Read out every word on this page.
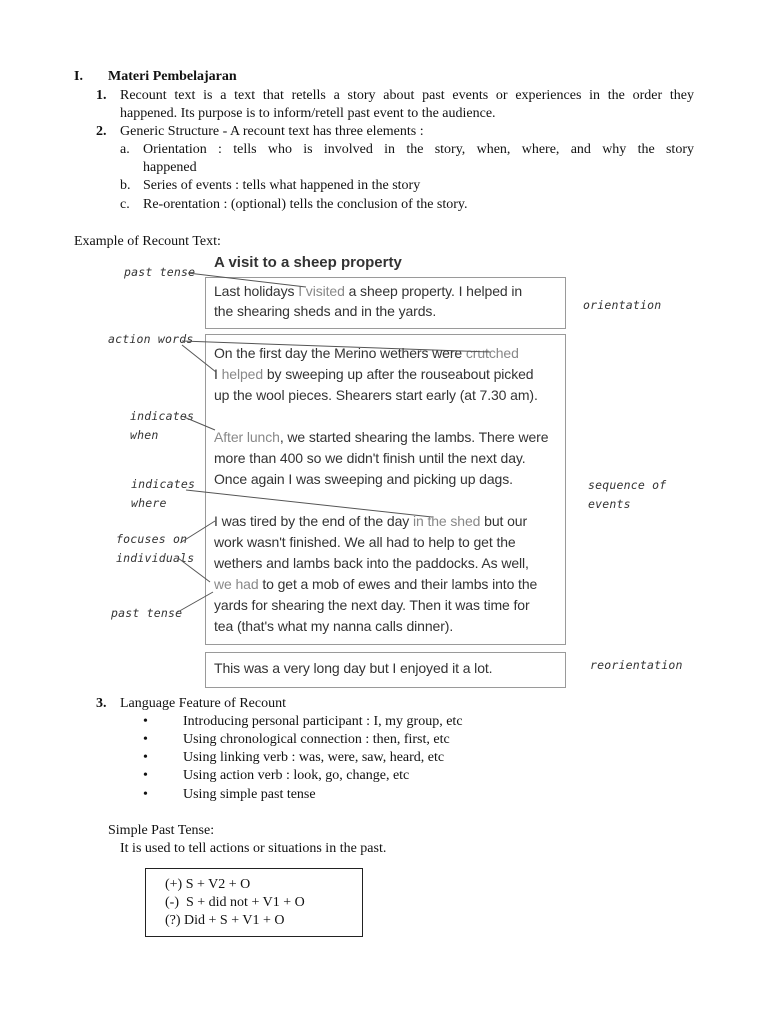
I. Materi Pembelajaran
1. Recount text is a text that retells a story about past events or experiences in the order they
happened. Its purpose is to inform/retell past event to the audience.
2. Generic Structure - A recount text has three elements :
a. Orientation : tells who is involved in the story, when, where, and why the story
happened
b. Series of events : tells what happened in the story
c. Re-orentation : (optional) tells the conclusion of the story.
Example of Recount Text:
A visit to a sheep property
Last holidays I visited a sheep property. I helped in
the shearing sheds and in the yards.
On the first day the Merino wethers were crutched
I helped by sweeping up after the rouseabout picked
up the wool pieces. Shearers start early (at 7.30 am).
After lunch, we started shearing the lambs. There were
more than 400 so we didn't finish until the next day.
Once again I was sweeping and picking up dags.
I was tired by the end of the day in the shed but our
work wasn't finished. We all had to help to get the
wethers and lambs back into the paddocks. As well,
we had to get a mob of ewes and their lambs into the
yards for shearing the next day. Then it was time for
tea (that's what my nanna calls dinner).
This was a very long day but I enjoyed it a lot.
past tense
action words
indicates
when
indicates
where
focuses on
individuals
past tense
orientation
sequence of
events
reorientation
3. Language Feature of Recount
•	Introducing personal participant : I, my group, etc
•	Using chronological connection : then, first, etc
•	Using linking verb : was, were, saw, heard, etc
•	Using action verb : look, go, change, etc
•	Using simple past tense
Simple Past Tense:
It is used to tell actions or situations in the past.
(+) S + V2 + O
(-)  S + did not + V1 + O
(?) Did + S + V1 + O
